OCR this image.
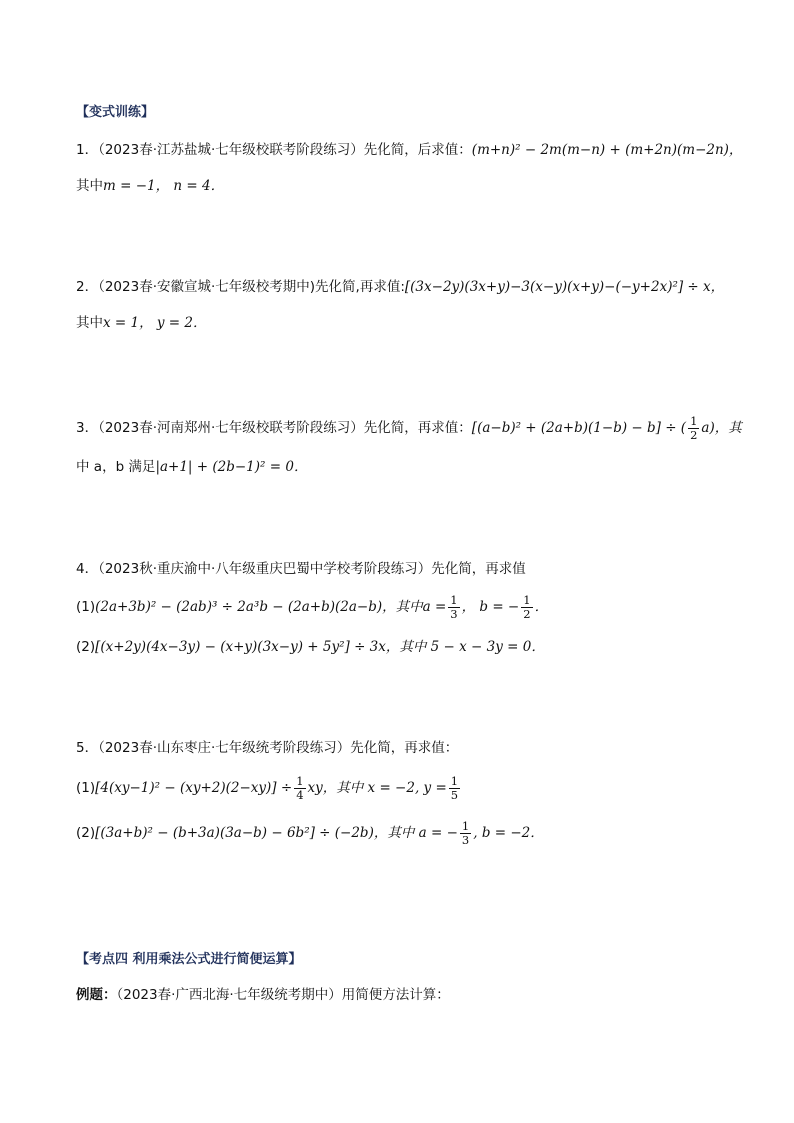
【变式训练】
1．（2023春·江苏盐城·七年级校联考阶段练习）先化简，后求值：(m+n)² − 2m(m−n) + (m+2n)(m−2n)，
其中m = −1， n = 4．
2．（2023春·安徽宣城·七年级校考期中)先化简,再求值:[(3x−2y)(3x+y)−3(x−y)(x+y)−(−y+2x)²] ÷ x，
其中x = 1， y = 2．
3．（2023春·河南郑州·七年级校联考阶段练习）先化简，再求值：[(a−b)² + (2a+b)(1−b) − b] ÷ ( $\frac{1}{2} a$)，其
中 a，b 满足|a+1| + (2b−1)² = 0．
4．（2023秋·重庆渝中·八年级重庆巴蜀中学校考阶段练习）先化简，再求值
(1)(2a+3b)² − (2ab)³ ÷ 2a³b − (2a+b)(2a−b)，其中$a = \frac{1}{3}$ ， b = − $\frac{1}{2}$ ．
(2)[(x+2y)(4x−3y) − (x+y)(3x−y) + 5y²] ÷ 3x，其中 5 − x − 3y = 0．
5．（2023春·山东枣庄·七年级统考阶段练习）先化简，再求值：
$(1)[4(xy-1)^2 - (xy+2)(2-xy)] \div \frac{1}{4}$ xy，其中 x = −2, $y = \frac{1}{5}$
(2)[(3a+b)² − (b+3a)(3a−b) − 6b²] ÷ (−2b)，其中 a = − $\frac{1}{3}$ , b = −2．
【考点四 利用乘法公式进行简便运算】
例题：（2023春·广西北海·七年级统考期中）用简便方法计算：
